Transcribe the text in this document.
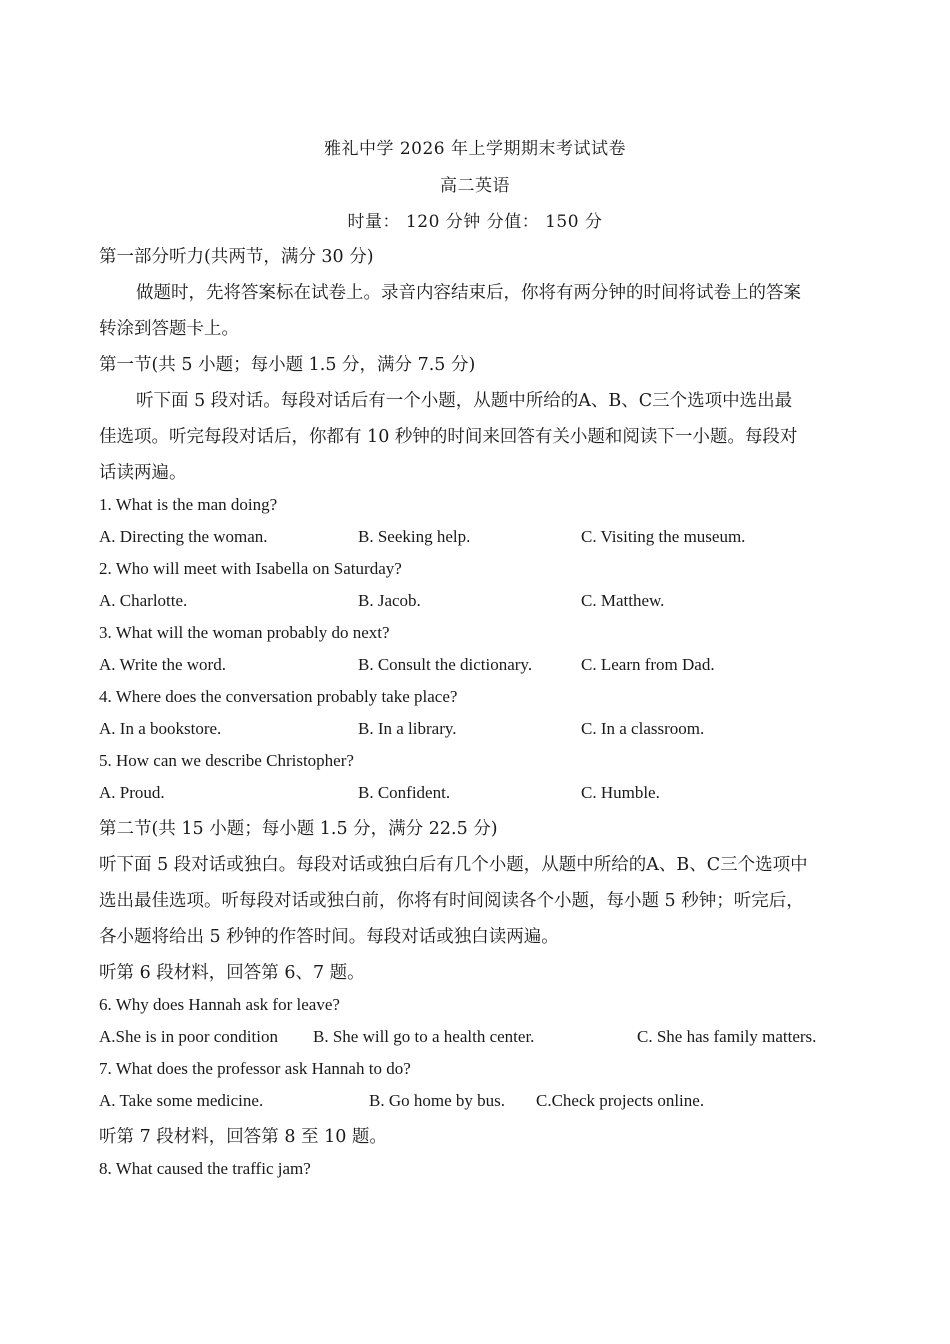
雅礼中学 2026 年上学期期末考试试卷
高二英语
时量： 120 分钟 分值： 150 分
第一部分听力(共两节，满分 30 分)
做题时，先将答案标在试卷上。录音内容结束后，你将有两分钟的时间将试卷上的答案
转涂到答题卡上。
第一节(共 5 小题；每小题 1.5 分，满分 7.5 分)
听下面 5 段对话。每段对话后有一个小题，从题中所给的A、B、C三个选项中选出最
佳选项。听完每段对话后，你都有 10 秒钟的时间来回答有关小题和阅读下一小题。每段对
话读两遍。
1. What is the man doing?
A. Directing the woman.	B. Seeking help.	C. Visiting the museum.
2. Who will meet with Isabella on Saturday?
A. Charlotte.	B. Jacob.	C. Matthew.
3. What will the woman probably do next?
A. Write the word.	B. Consult the dictionary.	C. Learn from Dad.
4. Where does the conversation probably take place?
A. In a bookstore.	B. In a library.	C. In a classroom.
5. How can we describe Christopher?
A. Proud.	B. Confident.	C. Humble.
第二节(共 15 小题；每小题 1.5 分，满分 22.5 分)
听下面 5 段对话或独白。每段对话或独白后有几个小题，从题中所给的A、B、C三个选项中
选出最佳选项。听每段对话或独白前，你将有时间阅读各个小题，每小题 5 秒钟；听完后，
各小题将给出 5 秒钟的作答时间。每段对话或独白读两遍。
听第 6 段材料，回答第 6、7 题。
6. Why does Hannah ask for leave?
A.She is in poor condition B. She will go to a health center.	C. She has family matters.
7. What does the professor ask Hannah to do?
A. Take some medicine.	B. Go home by bus. C.Check projects online.
听第 7 段材料，回答第 8 至 10 题。
8. What caused the traffic jam?
